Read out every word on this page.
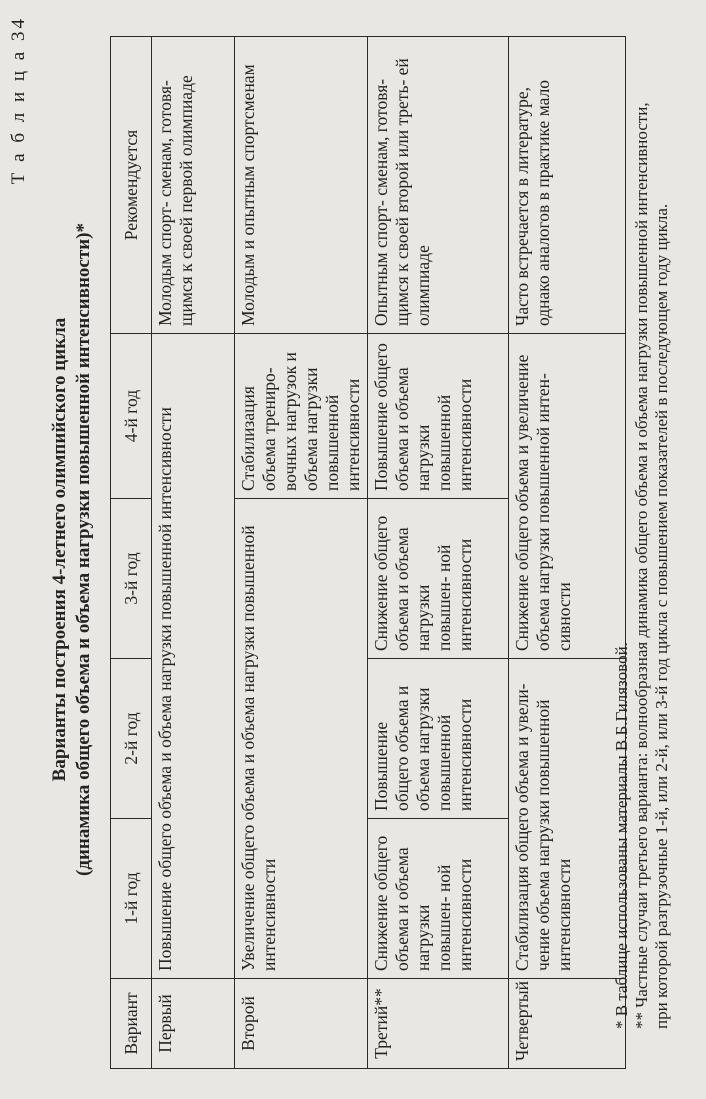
Т а б л и ц а 34
Варианты построения 4-летнего олимпийского цикла (динамика общего объема и объема нагрузки повышенной интенсивности)*
Вариант	1-й год	2-й год	3-й год	4-й год	Рекомендуется
Первый	Повышение общего объема и объема нагрузки повышенной интенсивности				Молодым спорт- сменам, готовя- щимся к своей первой олимпиаде
Второй	Увеличение общего объема и объема нагрузки повышенной интенсивности			Стабилизация объема трениро- вочных нагрузок и объема нагрузки повышенной интенсивности	Молодым и опытным спортсменам
Третий**	Снижение общего объема и объема нагрузки повышен- ной интенсивности	Повышение общего объема и объема нагрузки повышенной интенсивности	Снижение общего объема и объема нагрузки повышен- ной интенсивности	Повышение общего объема и объема нагрузки повышенной интенсивности	Опытным спорт- сменам, готовя- щимся к своей второй или треть- ей олимпиаде
Четвертый	Стабилизация общего объема и увели- чение объема нагрузки повышенной интенсивности		Снижение общего объема и увеличение объема нагрузки повышенной интен- сивности		Часто встречается в литературе, однако аналогов в практике мало
* В таблице использованы материалы В.Б.Гилязовой. ** Частные случаи третьего варианта: волнообразная динамика общего объема и объема нагрузки повышенной интенсивности, при которой разгрузочные 1-й, или 2-й, или 3-й год цикла с повышением показателей в последующем году цикла.
